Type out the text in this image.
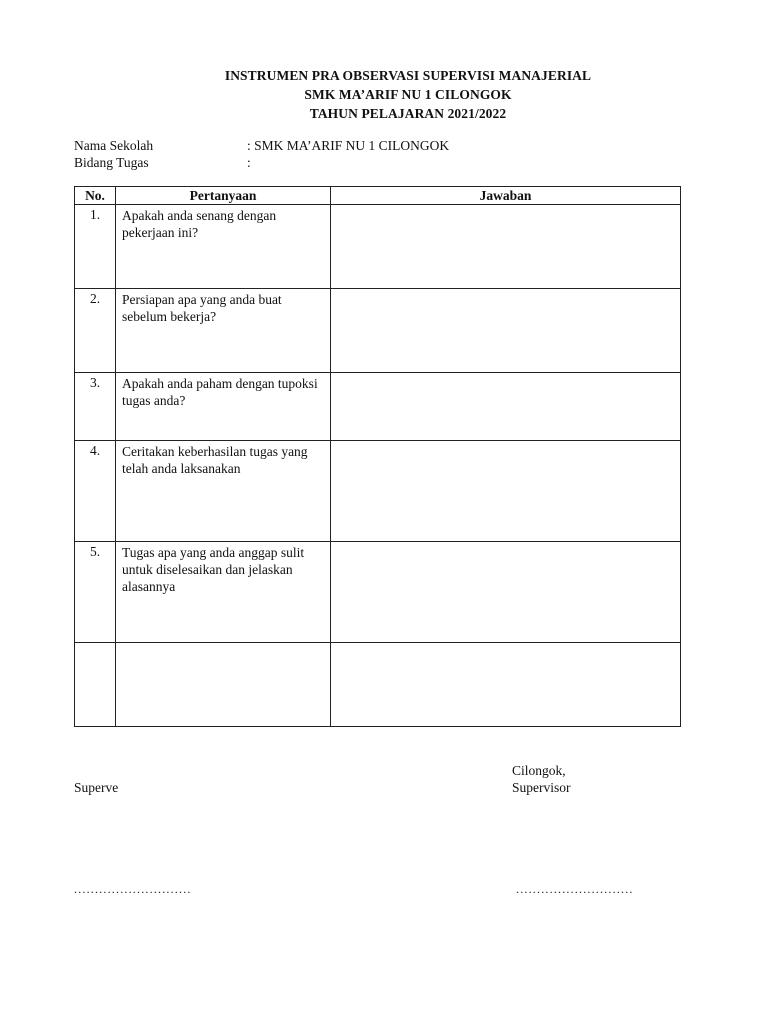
INSTRUMEN PRA OBSERVASI SUPERVISI MANAJERIAL
SMK MA’ARIF NU 1 CILONGOK
TAHUN PELAJARAN 2021/2022
Nama Sekolah	: SMK MA’ARIF NU 1 CILONGOK
Bidang Tugas	:
No.	Pertanyaan	Jawaban
1.	Apakah anda senang dengan pekerjaan ini?	
2.	Persiapan apa yang anda buat sebelum bekerja?	
3.	Apakah anda paham dengan tupoksi tugas anda?	
4.	Ceritakan keberhasilan tugas yang telah anda laksanakan	
5.	Tugas apa yang anda anggap sulit untuk diselesaikan dan jelaskan alasannya	

Cilongok,
Superve	Supervisor
............................	............................
